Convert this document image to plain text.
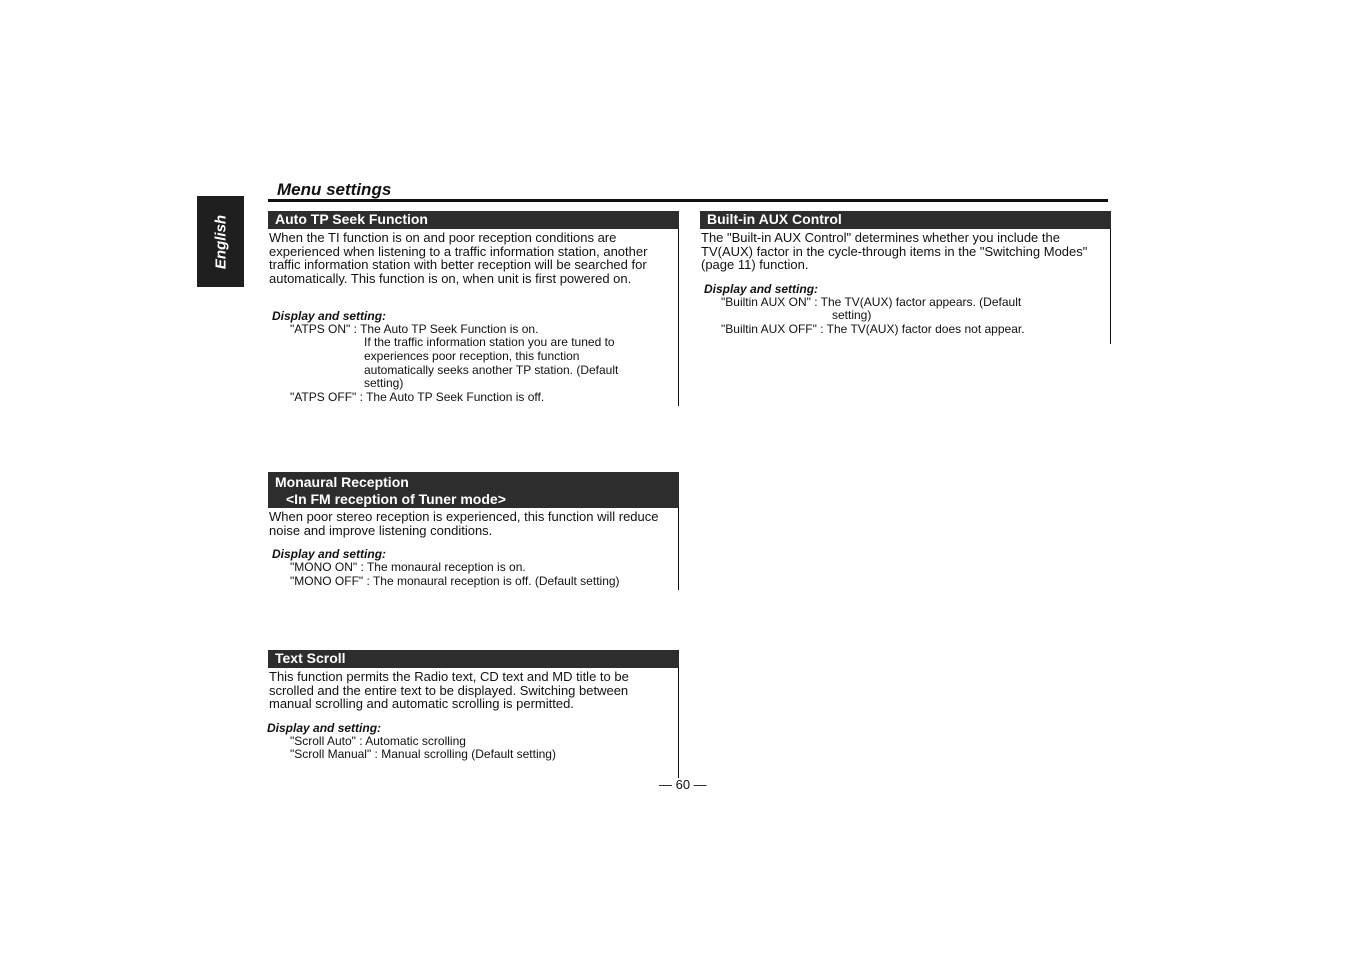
English
Menu settings
Auto TP Seek Function
When the TI function is on and poor reception conditions are experienced when listening to a traffic information station, another traffic information station with better reception will be searched for automatically. This function is on, when unit is first powered on.
Display and setting:
"ATPS ON" : The Auto TP Seek Function is on.
If the traffic information station you are tuned to
experiences poor reception, this function
automatically seeks another TP station. (Default
setting)
"ATPS OFF" : The Auto TP Seek Function is off.
Monaural Reception
<In FM reception of Tuner mode>
When poor stereo reception is experienced, this function will reduce noise and improve listening conditions.
Display and setting:
"MONO ON" : The monaural reception is on.
"MONO OFF" : The monaural reception is off. (Default setting)
Text Scroll
This function permits the Radio text, CD text and MD title to be scrolled and the entire text to be displayed. Switching between manual scrolling and automatic scrolling is permitted.
Display and setting:
"Scroll Auto" : Automatic scrolling
"Scroll Manual" : Manual scrolling (Default setting)
Built-in AUX Control
The "Built-in AUX Control" determines whether you include the TV(AUX) factor in the cycle-through items in the "Switching Modes" (page 11) function.
Display and setting:
"Builtin AUX ON" : The TV(AUX) factor appears. (Default
setting)
"Builtin AUX OFF" : The TV(AUX) factor does not appear.
— 60 —
